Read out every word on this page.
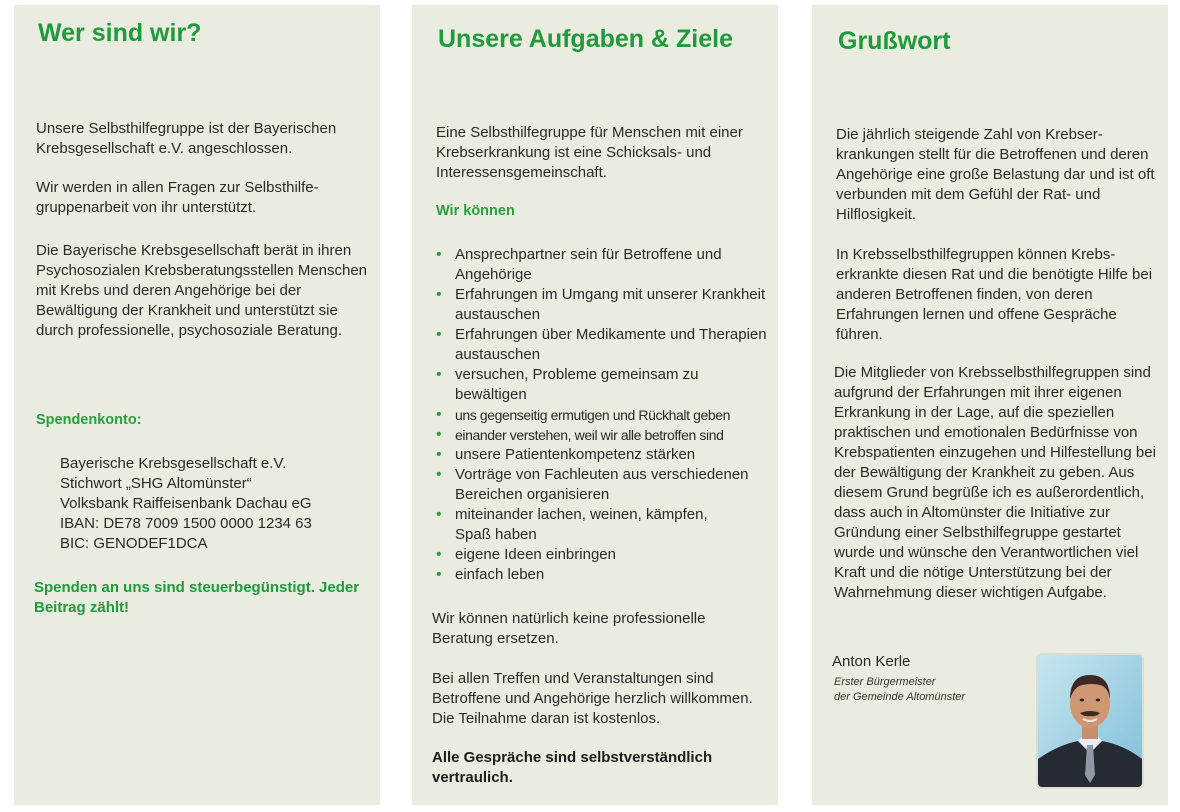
Wer sind wir?

Unsere Selbsthilfegruppe ist der Bayerischen Krebsgesellschaft e.V. angeschlossen.

Wir werden in allen Fragen zur Selbsthilfe-gruppenarbeit von ihr unterstützt.

Die Bayerische Krebsgesellschaft berät in ihren Psychosozialen Krebsberatungsstellen Menschen mit Krebs und deren Angehörige bei der Bewältigung der Krankheit und unterstützt sie durch professionelle, psychosoziale Beratung.

Spendenkonto:

Bayerische Krebsgesellschaft e.V.
Stichwort „SHG Altomünster“
Volksbank Raiffeisenbank Dachau eG
IBAN: DE78 7009 1500 0000 1234 63
BIC: GENODEF1DCA

Spenden an uns sind steuerbegünstigt. Jeder Beitrag zählt!

Unsere Aufgaben & Ziele

Eine Selbsthilfegruppe für Menschen mit einer Krebserkrankung ist eine Schicksals- und Interessensgemeinschaft.

Wir können

• Ansprechpartner sein für Betroffene und Angehörige
• Erfahrungen im Umgang mit unserer Krankheit austauschen
• Erfahrungen über Medikamente und Therapien austauschen
• versuchen, Probleme gemeinsam zu bewältigen
• uns gegenseitig ermutigen und Rückhalt geben
• einander verstehen, weil wir alle betroffen sind
• unsere Patientenkompetenz stärken
• Vorträge von Fachleuten aus verschiedenen Bereichen organisieren
• miteinander lachen, weinen, kämpfen, Spaß haben
• eigene Ideen einbringen
• einfach leben

Wir können natürlich keine professionelle Beratung ersetzen.

Bei allen Treffen und Veranstaltungen sind Betroffene und Angehörige herzlich willkommen. Die Teilnahme daran ist kostenlos.

Alle Gespräche sind selbstverständlich vertraulich.

Grußwort

Die jährlich steigende Zahl von Krebser-krankungen stellt für die Betroffenen und deren Angehörige eine große Belastung dar und ist oft verbunden mit dem Gefühl der Rat- und Hilflosigkeit.

In Krebsselbsthilfegruppen können Krebs-erkrankte diesen Rat und die benötigte Hilfe bei anderen Betroffenen finden, von deren Erfahrungen lernen und offene Gespräche führen.

Die Mitglieder von Krebsselbsthilfegruppen sind aufgrund der Erfahrungen mit ihrer eigenen Erkrankung in der Lage, auf die speziellen praktischen und emotionalen Bedürfnisse von Krebspatienten einzugehen und Hilfestellung bei der Bewältigung der Krankheit zu geben. Aus diesem Grund begrüße ich es außerordentlich, dass auch in Altomünster die Initiative zur Gründung einer Selbsthilfegruppe gestartet wurde und wünsche den Verantwortlichen viel Kraft und die nötige Unterstützung bei der Wahrnehmung dieser wichtigen Aufgabe.

Anton Kerle

Erster Bürgermeister

der Gemeinde Altomünster
